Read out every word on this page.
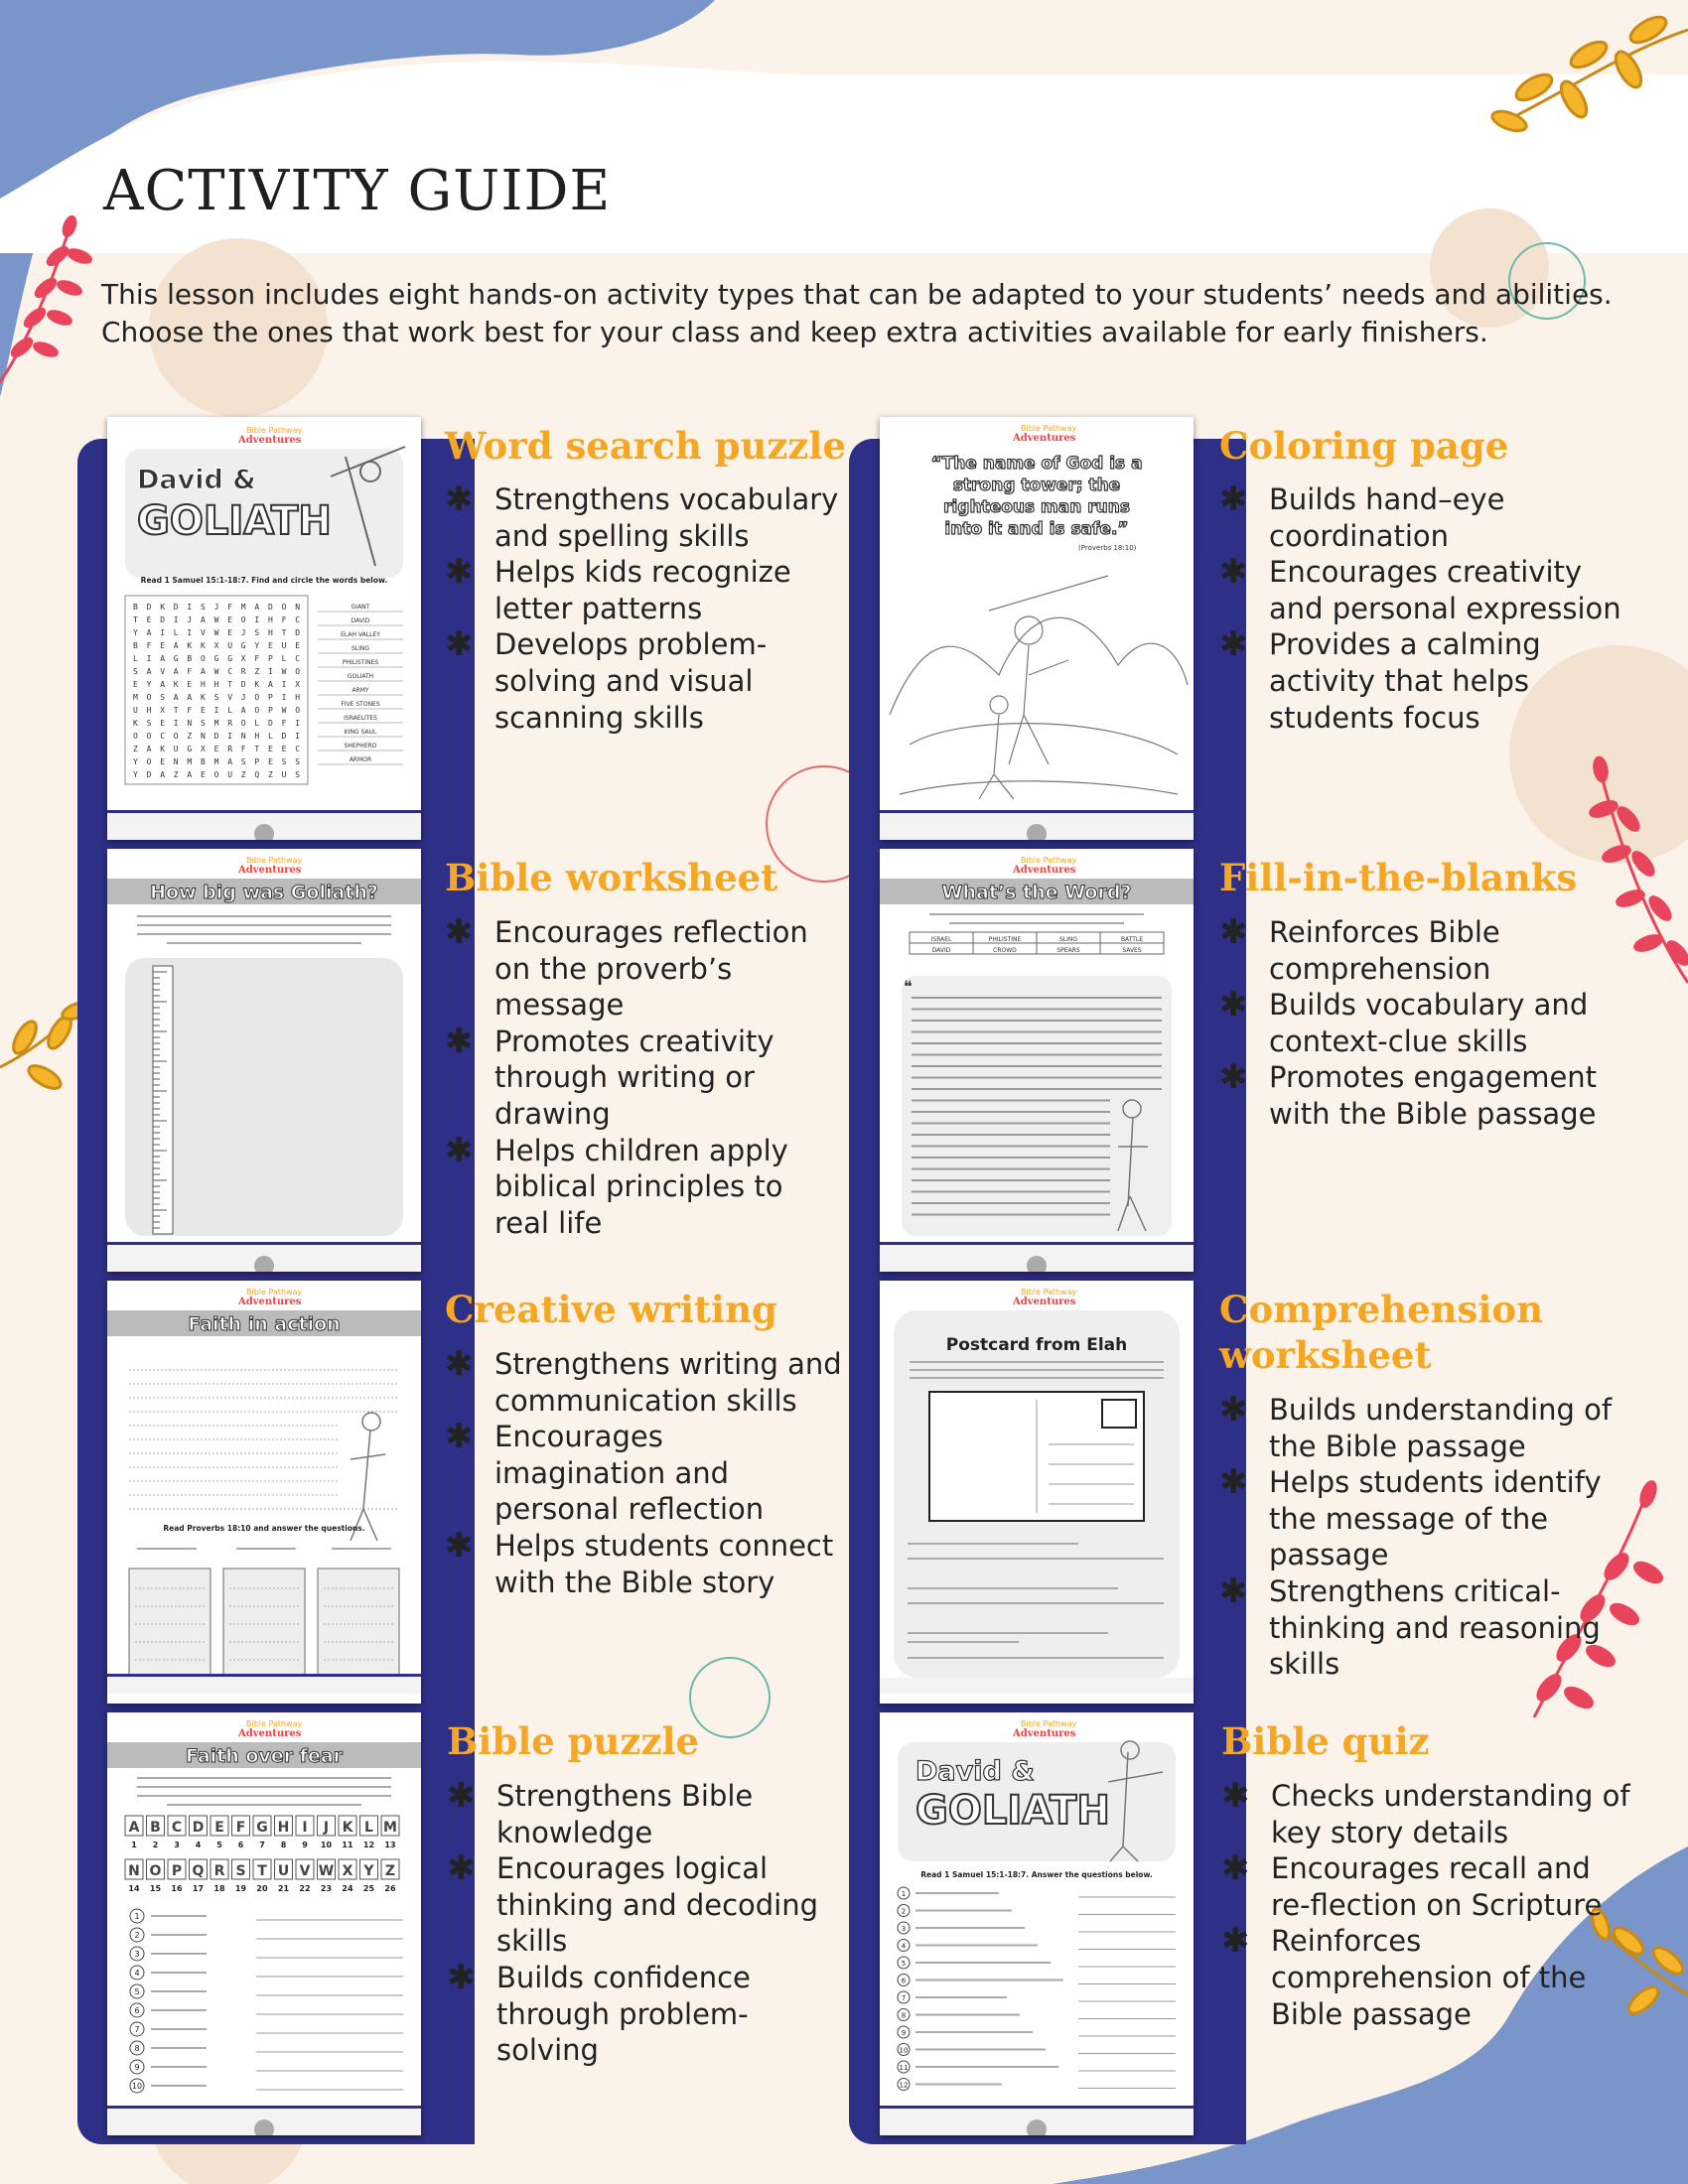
ACTIVITY GUIDE
This lesson includes eight hands-on activity types that can be adapted to your students’ needs and abilities.
Choose the ones that work best for your class and keep extra activities available for early finishers.
Bible Pathway
Adventures
David &
GOLIATH
Read 1 Samuel 15:1-18:7. Find and circle the words below.
B D K D I S J F M A D O N
T E D I J A W E O I H F C
Y A I L I V W E J S H T D
B F E A K K X U G Y E U E
L I A G B O G G X F P L C
S A V A F A W C R Z I W O
E Y A K E H H T D K A I X
M O S A A K S V J O P I H
U H X T F E I L A O P W O
K S E I N S M R O L D F I
O O C O Z N D I N H L D I
Z A K U G X E R F T E E C
Y O E N M B M A S P E S S
Y D A Z A E O U Z Q Z U S
GIANT
DAVID
ELAH VALLEY
SLING
PHILISTINES
GOLIATH
ARMY
FIVE STONES
ISRAELITES
KING SAUL
SHEPHERD
ARMOR
Bible Pathway
Adventures
“The name of God is a
strong tower; the
righteous man runs
into it and is safe.”
(Proverbs 18:10)
Bible Pathway
Adventures
How big was Goliath?
Bible Pathway
Adventures
What’s the Word?
ISRAEL	PHILISTINE	SLING	BATTLE
DAVID	CROWD	SPEARS	SAVES
❝
Bible Pathway
Adventures
Faith in action
Read Proverbs 18:10 and answer the questions.
Bible Pathway
Adventures
Postcard from Elah
Bible Pathway
Adventures
Faith over fear
A
1
B
2
C
3
D
4
E
5
F
6
G
7
H
8
I
9
J
10
K
11
L
12
M
13
N
14
O
15
P
16
Q
17
R
18
S
19
T
20
U
21
V
22
W
23
X
24
Y
25
Z
26
1
2
3
4
5
6
7
8
9
10
Bible Pathway
Adventures
David &
GOLIATH
Read 1 Samuel 15:1-18:7. Answer the questions below.
1
2
3
4
5
6
7
8
9
10
11
12
Word search puzzle
✱ Strengthens vocabulary and spelling skills
✱ Helps kids recognize letter patterns
✱ Develops problem-solving and visual scanning skills
Coloring page
✱ Builds hand–eye coordination
✱ Encourages creativity and personal expression
✱ Provides a calming activity that helps students focus
Bible worksheet
✱ Encourages reflection on the proverb’s message
✱ Promotes creativity through writing or drawing
✱ Helps children apply biblical principles to real life
Fill-in-the-blanks
✱ Reinforces Bible comprehension
✱ Builds vocabulary and context-clue skills
✱ Promotes engagement with the Bible passage
Creative writing
✱ Strengthens writing and communication skills
✱ Encourages imagination and personal reflection
✱ Helps students connect with the Bible story
Comprehension worksheet
✱ Builds understanding of the Bible passage
✱ Helps students identify the message of the passage
✱ Strengthens critical-thinking and reasoning skills
Bible puzzle
✱ Strengthens Bible knowledge
✱ Encourages logical thinking and decoding skills
✱ Builds confidence through problem-solving
Bible quiz
✱ Checks understanding of key story details
✱ Encourages recall and re-flection on Scripture
✱ Reinforces comprehension of the Bible passage
